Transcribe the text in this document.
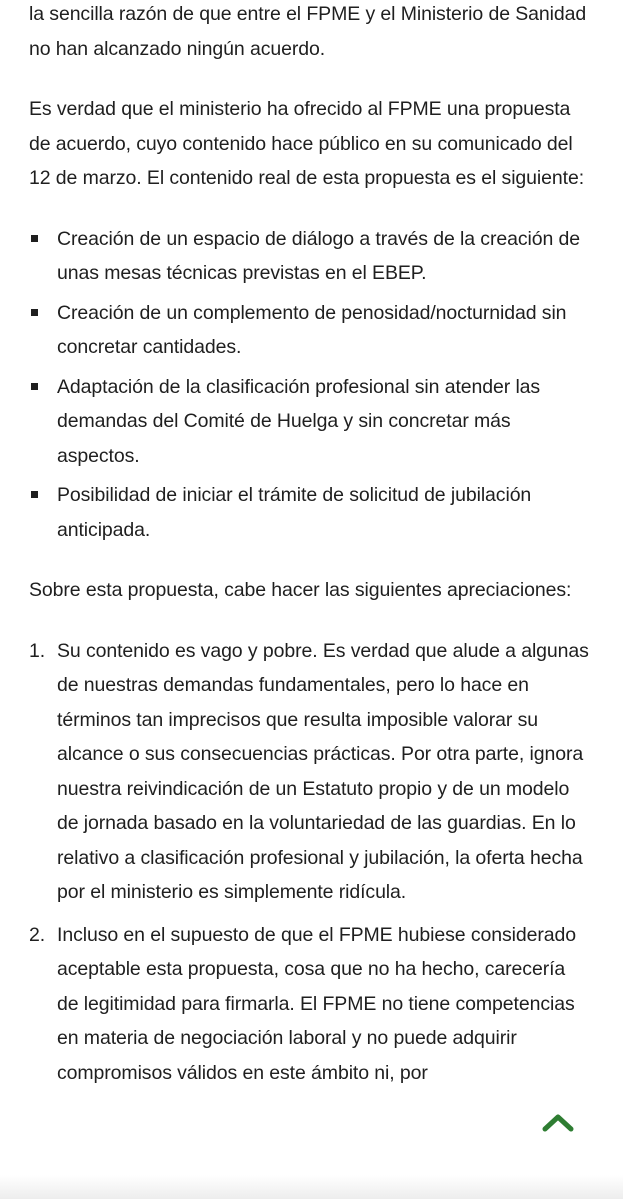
la sencilla razón de que entre el FPME y el Ministerio de Sanidad no han alcanzado ningún acuerdo.

Es verdad que el ministerio ha ofrecido al FPME una propuesta de acuerdo, cuyo contenido hace público en su comunicado del 12 de marzo. El contenido real de esta propuesta es el siguiente:

Creación de un espacio de diálogo a través de la creación de unas mesas técnicas previstas en el EBEP.
Creación de un complemento de penosidad/nocturnidad sin concretar cantidades.
Adaptación de la clasificación profesional sin atender las demandas del Comité de Huelga y sin concretar más aspectos.
Posibilidad de iniciar el trámite de solicitud de jubilación anticipada.

Sobre esta propuesta, cabe hacer las siguientes apreciaciones:

1. Su contenido es vago y pobre. Es verdad que alude a algunas de nuestras demandas fundamentales, pero lo hace en términos tan imprecisos que resulta imposible valorar su alcance o sus consecuencias prácticas. Por otra parte, ignora nuestra reivindicación de un Estatuto propio y de un modelo de jornada basado en la voluntariedad de las guardias. En lo relativo a clasificación profesional y jubilación, la oferta hecha por el ministerio es simplemente ridícula.
2. Incluso en el supuesto de que el FPME hubiese considerado aceptable esta propuesta, cosa que no ha hecho, carecería de legitimidad para firmarla. El FPME no tiene competencias en materia de negociación laboral y no puede adquirir compromisos válidos en este ámbito ni, por
